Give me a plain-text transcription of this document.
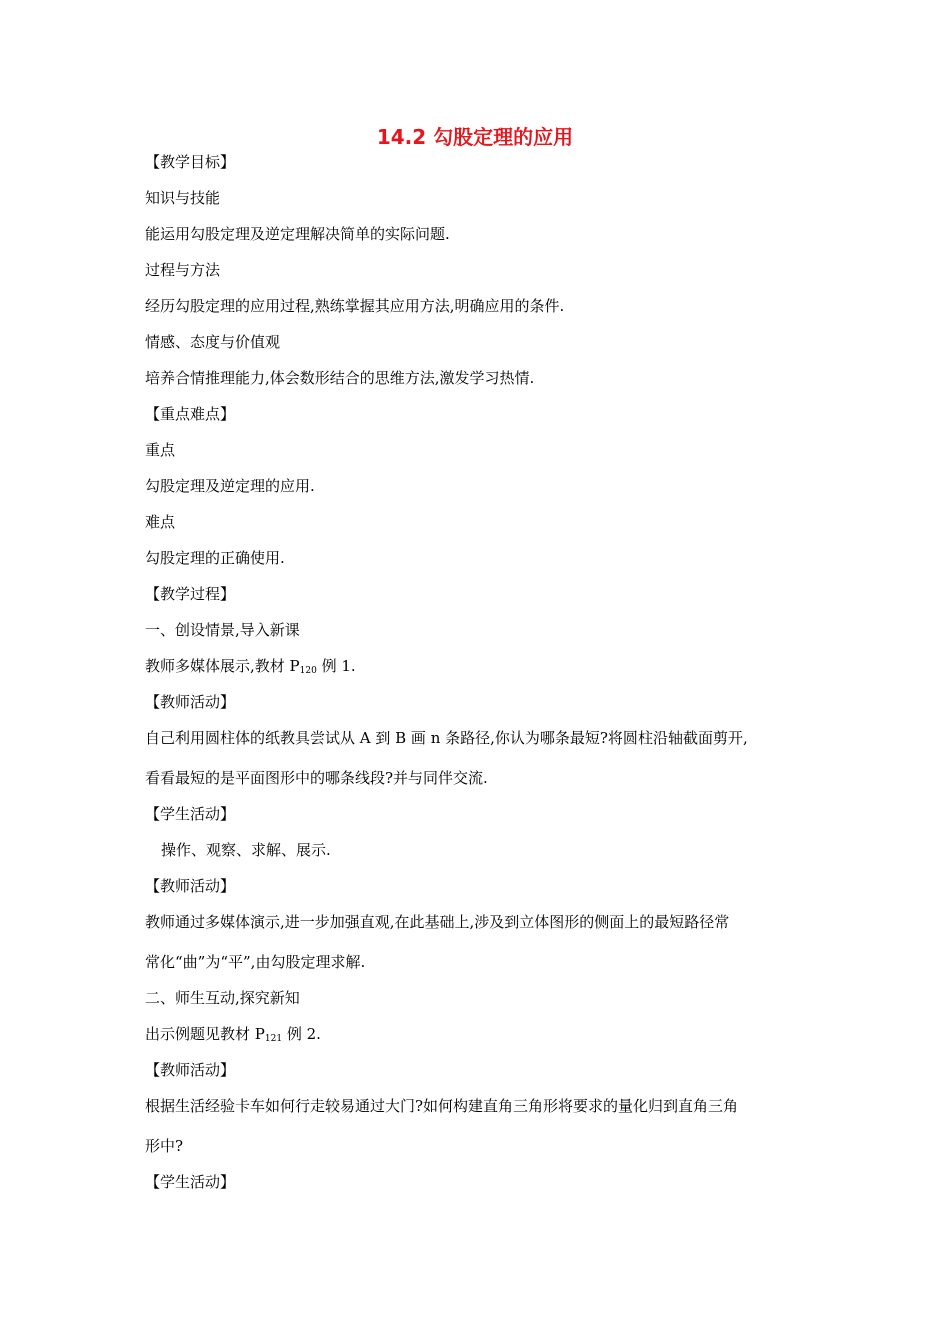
14.2 勾股定理的应用
【教学目标】
知识与技能
能运用勾股定理及逆定理解决简单的实际问题.
过程与方法
经历勾股定理的应用过程,熟练掌握其应用方法,明确应用的条件.
情感、态度与价值观
培养合情推理能力,体会数形结合的思维方法,激发学习热情.
【重点难点】
重点
勾股定理及逆定理的应用.
难点
勾股定理的正确使用.
【教学过程】
一、创设情景,导入新课
教师多媒体展示,教材 $P_{120}$ 例 1.
【教师活动】
自己利用圆柱体的纸教具尝试从 A 到 B 画 n 条路径,你认为哪条最短?将圆柱沿轴截面剪开,
看看最短的是平面图形中的哪条线段?并与同伴交流.
【学生活动】
操作、观察、求解、展示.
【教师活动】
教师通过多媒体演示,进一步加强直观,在此基础上,涉及到立体图形的侧面上的最短路径常
常化“曲”为“平”,由勾股定理求解.
二、师生互动,探究新知
出示例题见教材 $P_{121}$ 例 2.
【教师活动】
根据生活经验卡车如何行走较易通过大门?如何构建直角三角形将要求的量化归到直角三角
形中?
【学生活动】
